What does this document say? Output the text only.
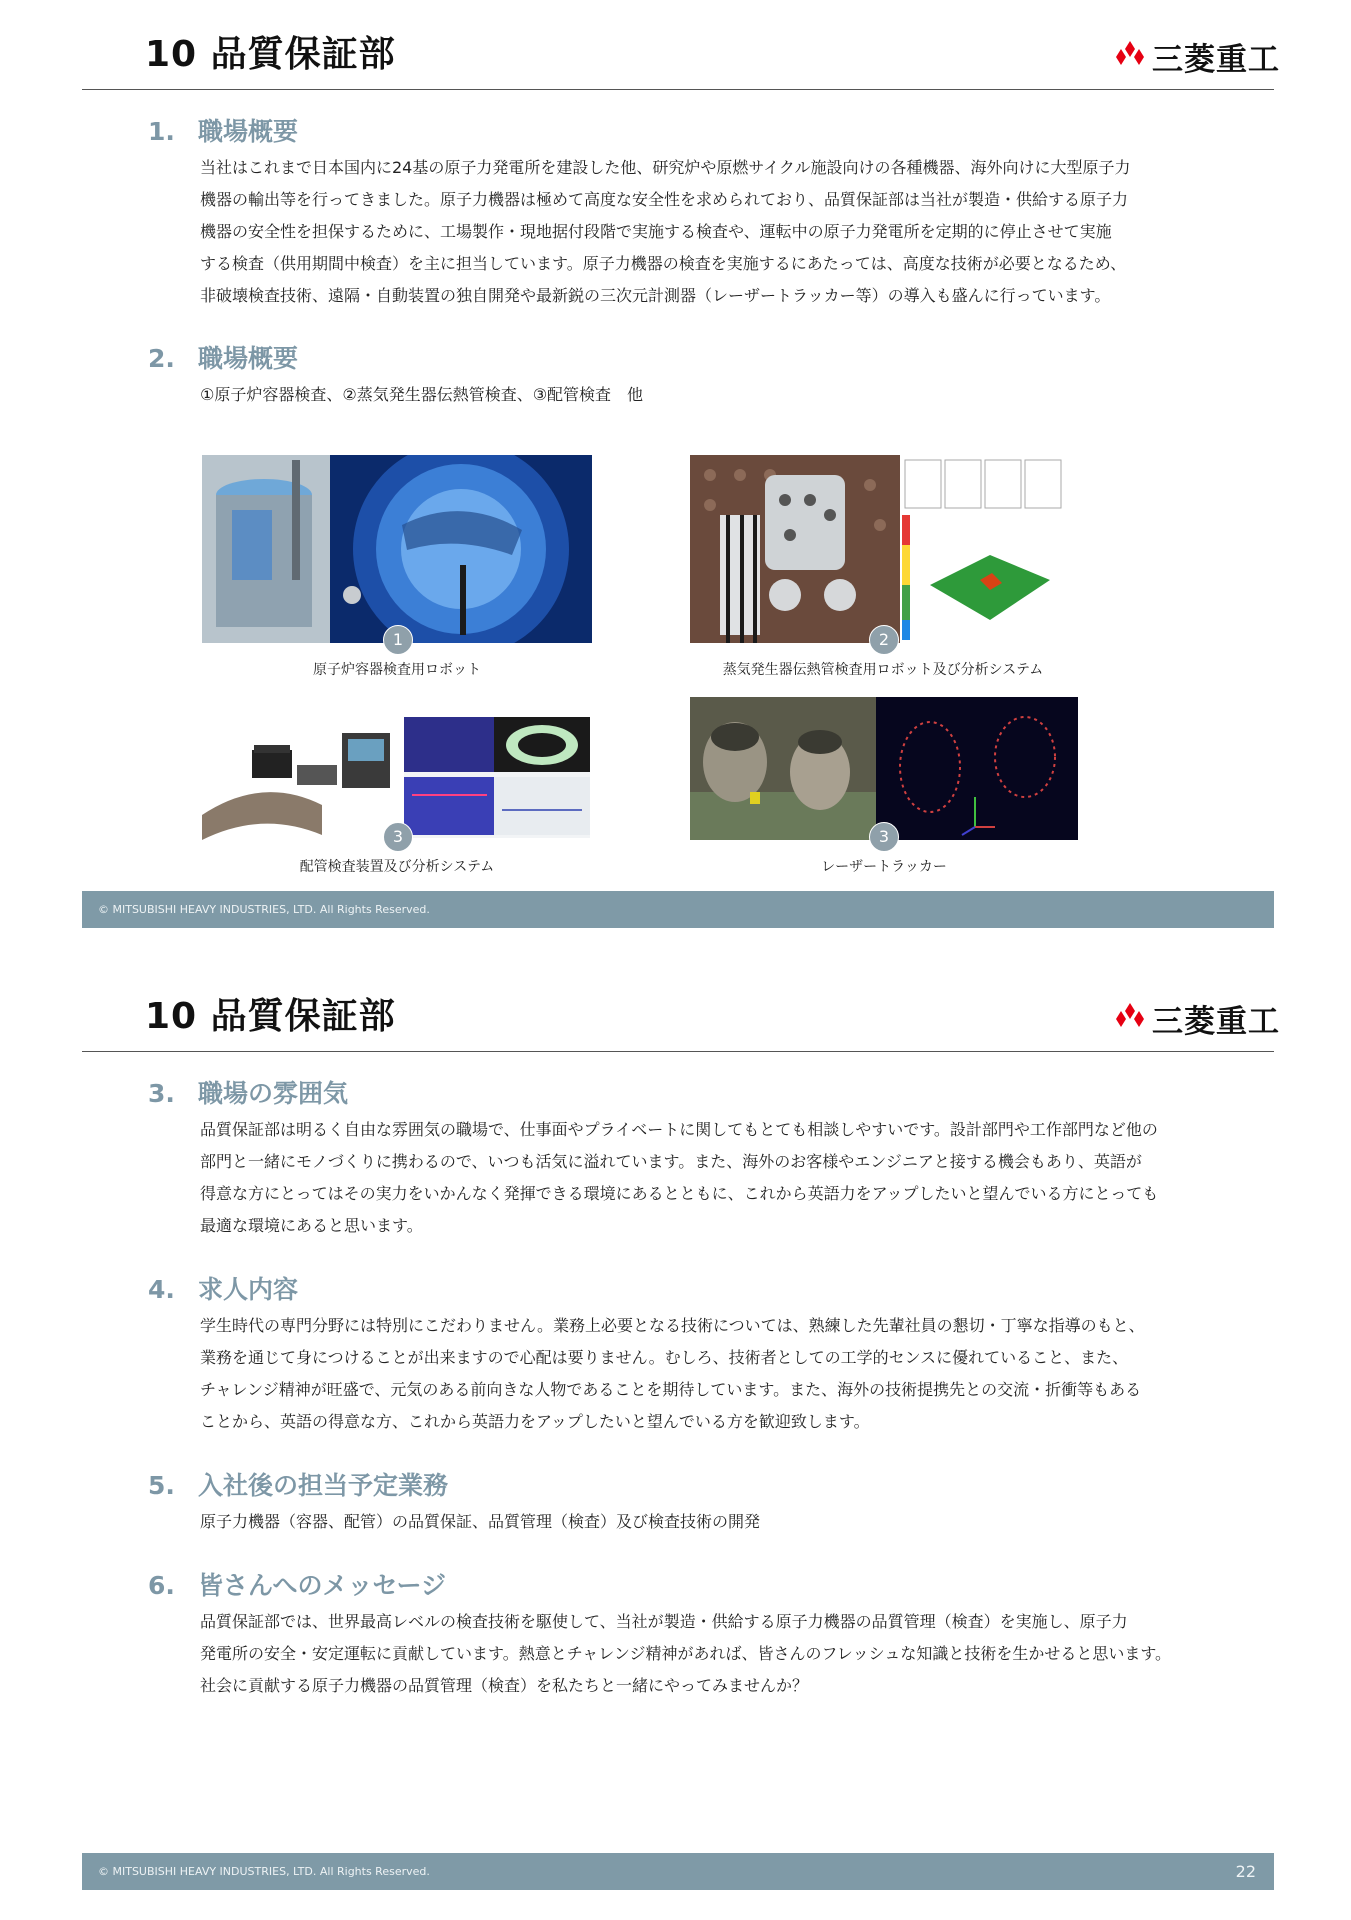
10 品質保証部	三菱重工
1. 職場概要
当社はこれまで日本国内に24基の原子力発電所を建設した他、研究炉や原燃サイクル施設向けの各種機器、海外向けに大型原子力
機器の輸出等を行ってきました。原子力機器は極めて高度な安全性を求められており、品質保証部は当社が製造・供給する原子力
機器の安全性を担保するために、工場製作・現地据付段階で実施する検査や、運転中の原子力発電所を定期的に停止させて実施
する検査（供用期間中検査）を主に担当しています。原子力機器の検査を実施するにあたっては、高度な技術が必要となるため、
非破壊検査技術、遠隔・自動装置の独自開発や最新鋭の三次元計測器（レーザートラッカー等）の導入も盛んに行っています。
2. 職場概要
①原子炉容器検査、②蒸気発生器伝熱管検査、③配管検査　他
1
原子炉容器検査用ロボット
2
蒸気発生器伝熱管検査用ロボット及び分析システム
3
配管検査装置及び分析システム
3
レーザートラッカー
© MITSUBISHI HEAVY INDUSTRIES, LTD. All Rights Reserved.
10 品質保証部	三菱重工
3. 職場の雰囲気
品質保証部は明るく自由な雰囲気の職場で、仕事面やプライベートに関してもとても相談しやすいです。設計部門や工作部門など他の
部門と一緒にモノづくりに携わるので、いつも活気に溢れています。また、海外のお客様やエンジニアと接する機会もあり、英語が
得意な方にとってはその実力をいかんなく発揮できる環境にあるとともに、これから英語力をアップしたいと望んでいる方にとっても
最適な環境にあると思います。
4. 求人内容
学生時代の専門分野には特別にこだわりません。業務上必要となる技術については、熟練した先輩社員の懇切・丁寧な指導のもと、
業務を通じて身につけることが出来ますので心配は要りません。むしろ、技術者としての工学的センスに優れていること、また、
チャレンジ精神が旺盛で、元気のある前向きな人物であることを期待しています。また、海外の技術提携先との交流・折衝等もある
ことから、英語の得意な方、これから英語力をアップしたいと望んでいる方を歓迎致します。
5. 入社後の担当予定業務
原子力機器（容器、配管）の品質保証、品質管理（検査）及び検査技術の開発
6. 皆さんへのメッセージ
品質保証部では、世界最高レベルの検査技術を駆使して、当社が製造・供給する原子力機器の品質管理（検査）を実施し、原子力
発電所の安全・安定運転に貢献しています。熱意とチャレンジ精神があれば、皆さんのフレッシュな知識と技術を生かせると思います。
社会に貢献する原子力機器の品質管理（検査）を私たちと一緒にやってみませんか？
© MITSUBISHI HEAVY INDUSTRIES, LTD. All Rights Reserved.	22
